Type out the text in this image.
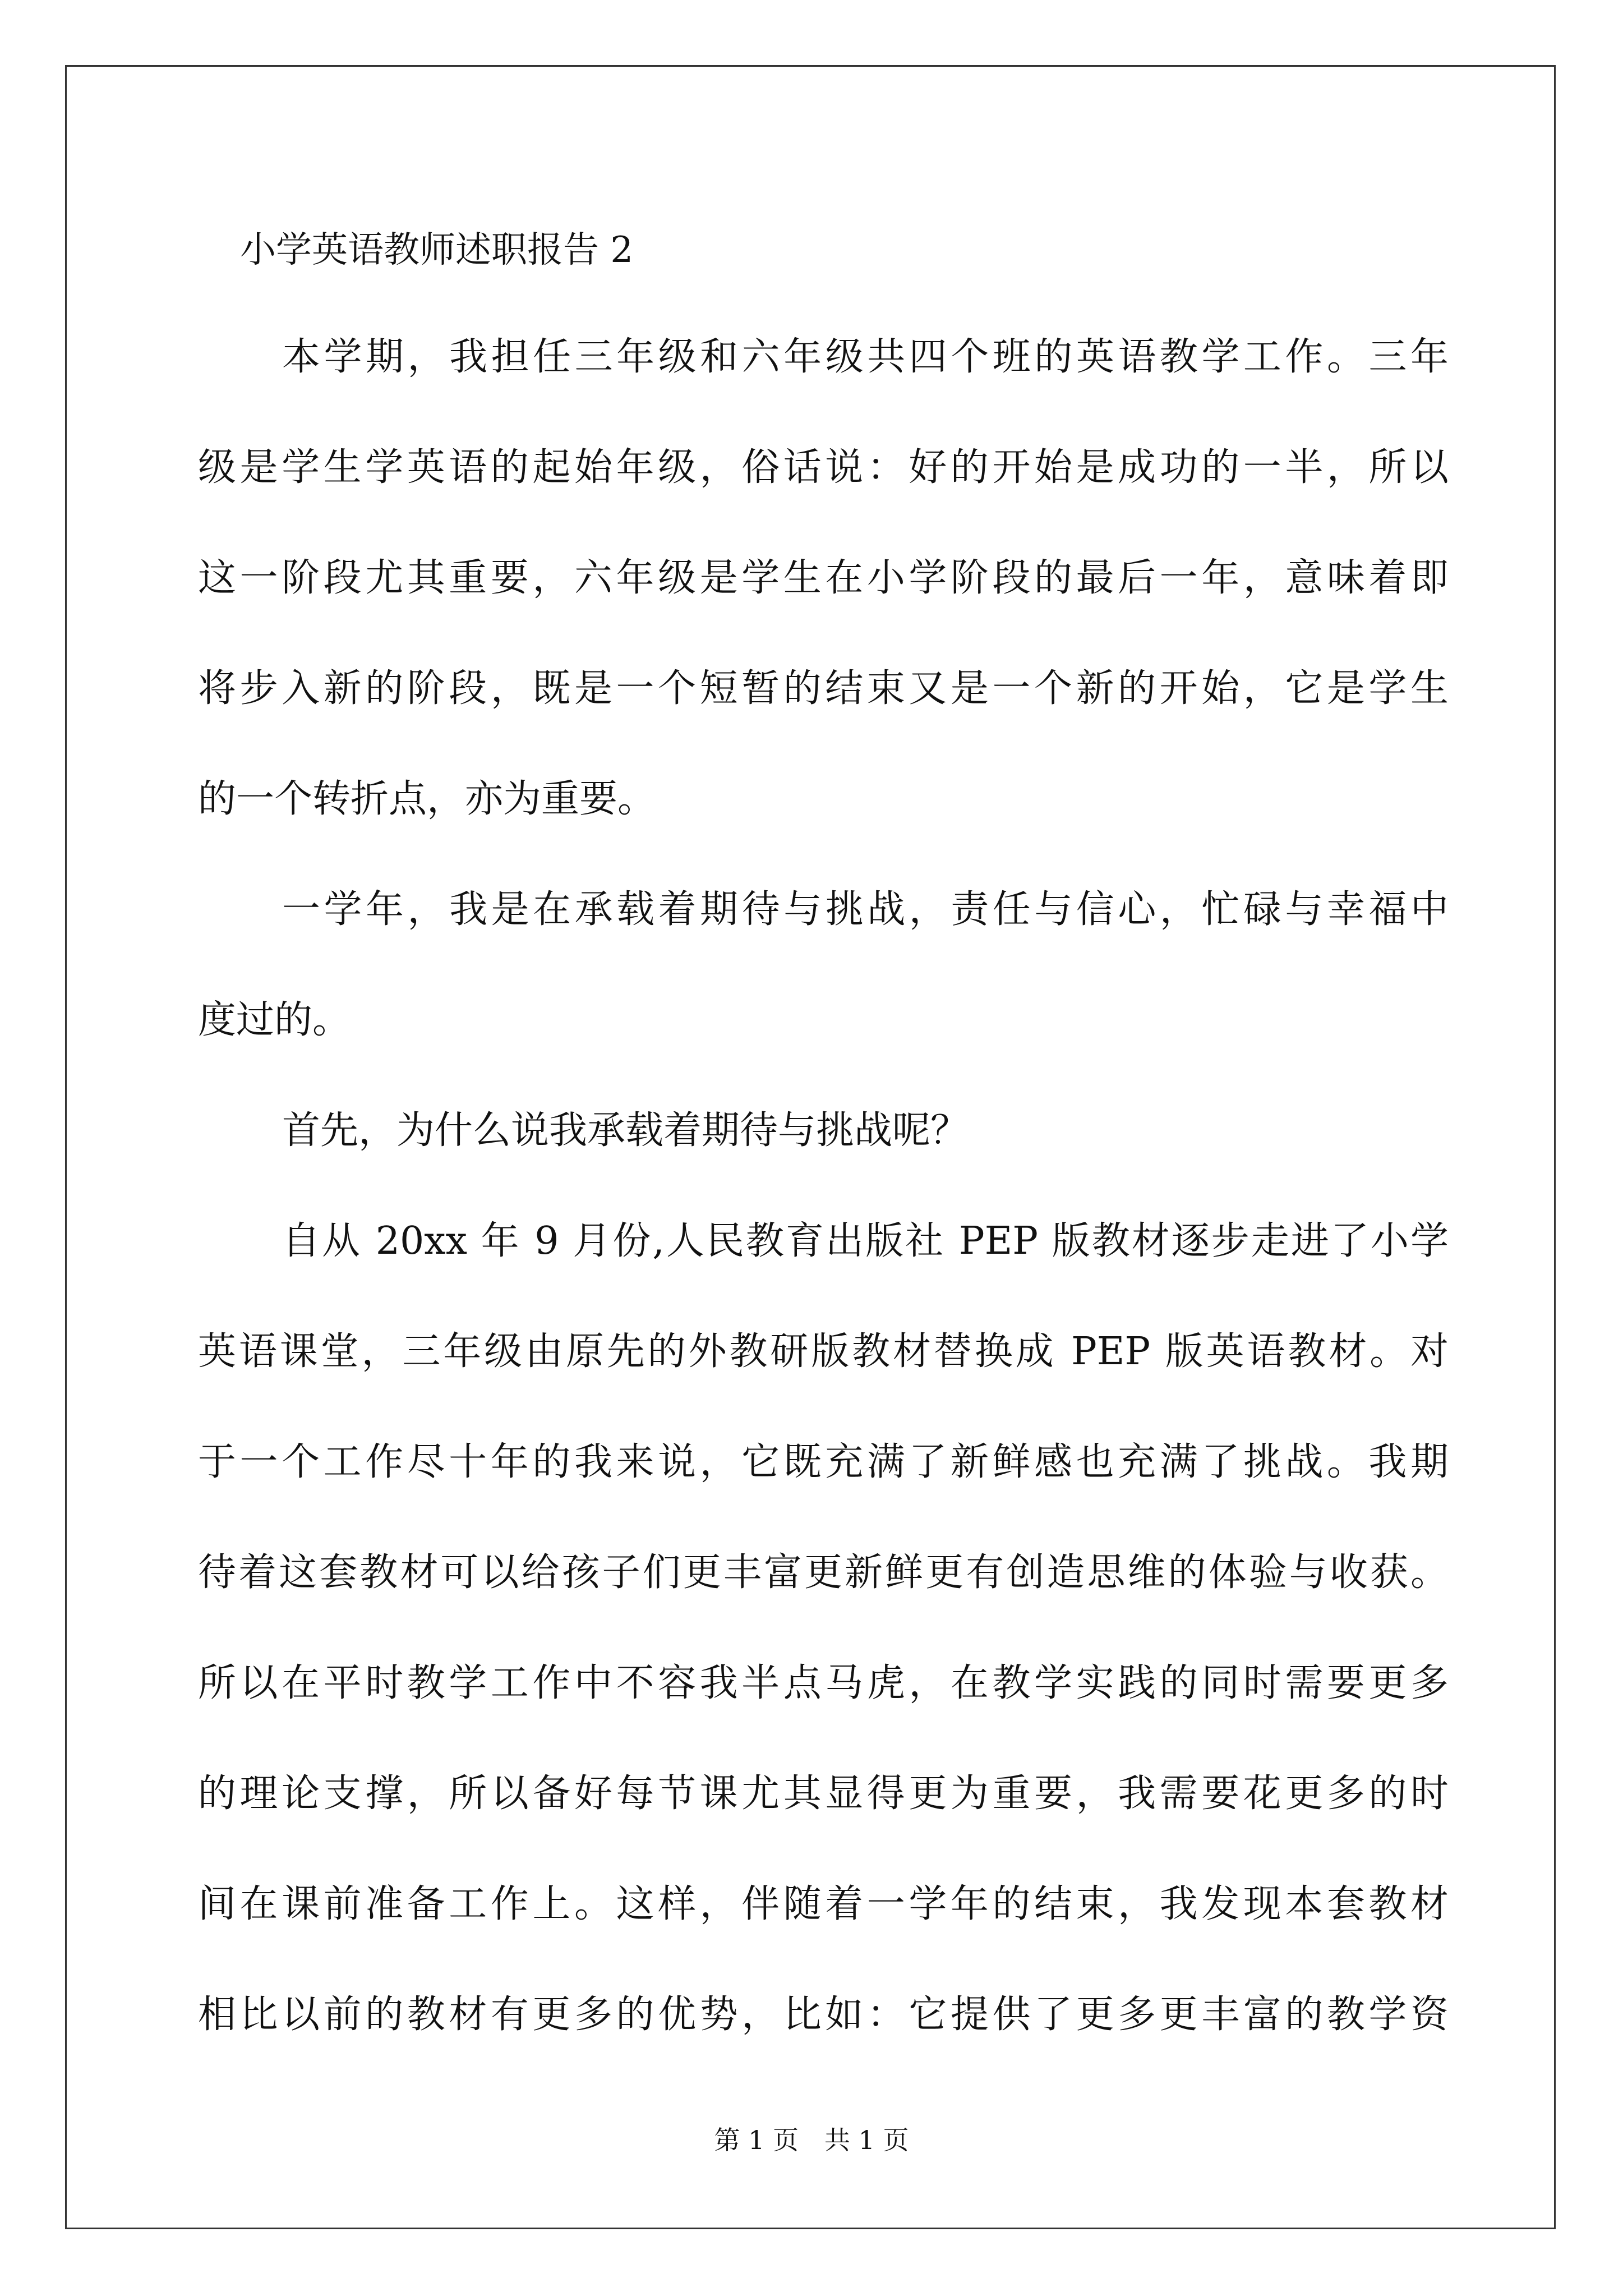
小学英语教师述职报告 2
本学期，我担任三年级和六年级共四个班的英语教学工作。三年
级是学生学英语的起始年级，俗话说：好的开始是成功的一半，所以
这一阶段尤其重要，六年级是学生在小学阶段的最后一年，意味着即
将步入新的阶段，既是一个短暂的结束又是一个新的开始，它是学生
的一个转折点，亦为重要。
一学年，我是在承载着期待与挑战，责任与信心，忙碌与幸福中
度过的。
首先，为什么说我承载着期待与挑战呢？
自从 20xx 年 9 月份,人民教育出版社 PEP 版教材逐步走进了小学
英语课堂，三年级由原先的外教研版教材替换成 PEP 版英语教材。对
于一个工作尽十年的我来说，它既充满了新鲜感也充满了挑战。我期
待着这套教材可以给孩子们更丰富更新鲜更有创造思维的体验与收获。
所以在平时教学工作中不容我半点马虎，在教学实践的同时需要更多
的理论支撑，所以备好每节课尤其显得更为重要，我需要花更多的时
间在课前准备工作上。这样，伴随着一学年的结束，我发现本套教材
相比以前的教材有更多的优势，比如：它提供了更多更丰富的教学资
第 1 页　共 1 页
